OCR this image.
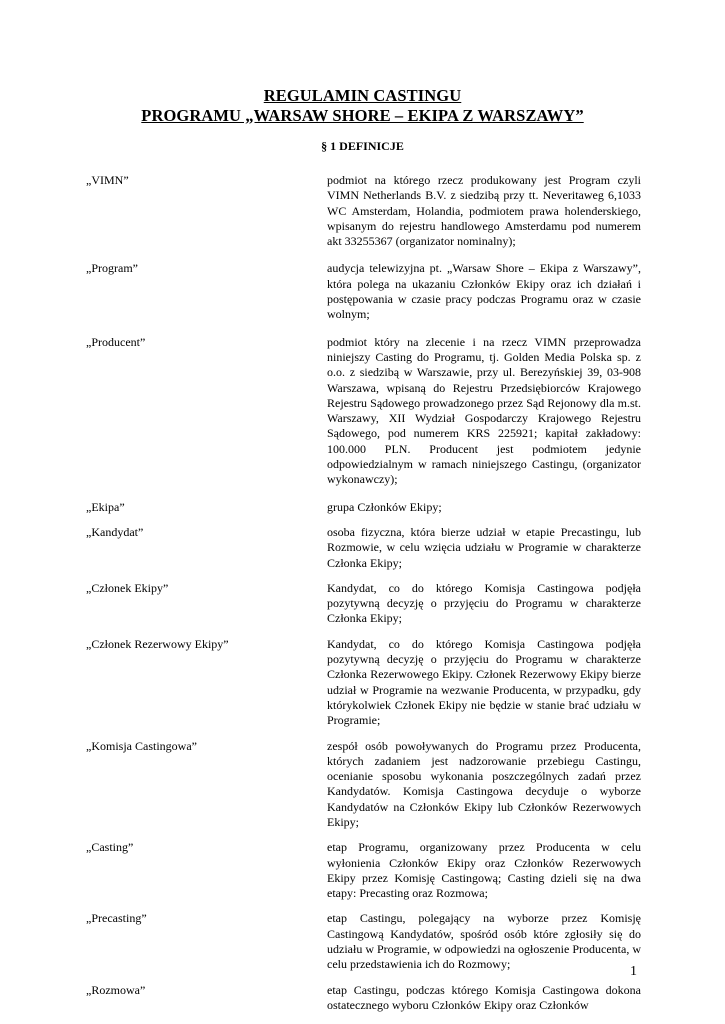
REGULAMIN CASTINGU
PROGRAMU „WARSAW SHORE – EKIPA Z WARSZAWY”
§ 1 DEFINICJE
„VIMN”	podmiot na którego rzecz produkowany jest Program czyli VIMN Netherlands B.V. z siedzibą przy tt. Neveritaweg 6,1033 WC Amsterdam, Holandia, podmiotem prawa holenderskiego, wpisanym do rejestru handlowego Amsterdamu pod numerem akt 33255367 (organizator nominalny);
„Program”	audycja telewizyjna pt. „Warsaw Shore – Ekipa z Warszawy”, która polega na ukazaniu Członków Ekipy oraz ich działań i postępowania w czasie pracy podczas Programu oraz w czasie wolnym;
„Producent”	podmiot który na zlecenie i na rzecz VIMN przeprowadza niniejszy Casting do Programu, tj. Golden Media Polska sp. z o.o. z siedzibą w Warszawie, przy ul. Berezyńskiej 39, 03-908 Warszawa, wpisaną do Rejestru Przedsiębiorców Krajowego Rejestru Sądowego prowadzonego przez Sąd Rejonowy dla m.st. Warszawy, XII Wydział Gospodarczy Krajowego Rejestru Sądowego, pod numerem KRS 225921; kapitał zakładowy: 100.000 PLN. Producent jest podmiotem jedynie odpowiedzialnym w ramach niniejszego Castingu, (organizator wykonawczy);
„Ekipa”	grupa Członków Ekipy;
„Kandydat”	osoba fizyczna, która bierze udział w etapie Precastingu, lub Rozmowie, w celu wzięcia udziału w Programie w charakterze Członka Ekipy;
„Członek Ekipy”	Kandydat, co do którego Komisja Castingowa podjęła pozytywną decyzję o przyjęciu do Programu w charakterze Członka Ekipy;
„Członek Rezerwowy Ekipy”	Kandydat, co do którego Komisja Castingowa podjęła pozytywną decyzję o przyjęciu do Programu w charakterze Członka Rezerwowego Ekipy. Członek Rezerwowy Ekipy bierze udział w Programie na wezwanie Producenta, w przypadku, gdy którykolwiek Członek Ekipy nie będzie w stanie brać udziału w Programie;
„Komisja Castingowa”	zespół osób powoływanych do Programu przez Producenta, których zadaniem jest nadzorowanie przebiegu Castingu, ocenianie sposobu wykonania poszczególnych zadań przez Kandydatów. Komisja Castingowa decyduje o wyborze Kandydatów na Członków Ekipy lub Członków Rezerwowych Ekipy;
„Casting”	etap Programu, organizowany przez Producenta w celu wyłonienia Członków Ekipy oraz Członków Rezerwowych Ekipy przez Komisję Castingową; Casting dzieli się na dwa etapy: Precasting oraz Rozmowa;
„Precasting”	etap Castingu, polegający na wyborze przez Komisję Castingową Kandydatów, spośród osób które zgłosiły się do udziału w Programie, w odpowiedzi na ogłoszenie Producenta, w celu przedstawienia ich do Rozmowy;
„Rozmowa”	etap Castingu, podczas którego Komisja Castingowa dokona ostatecznego wyboru Członków Ekipy oraz Członków
1
